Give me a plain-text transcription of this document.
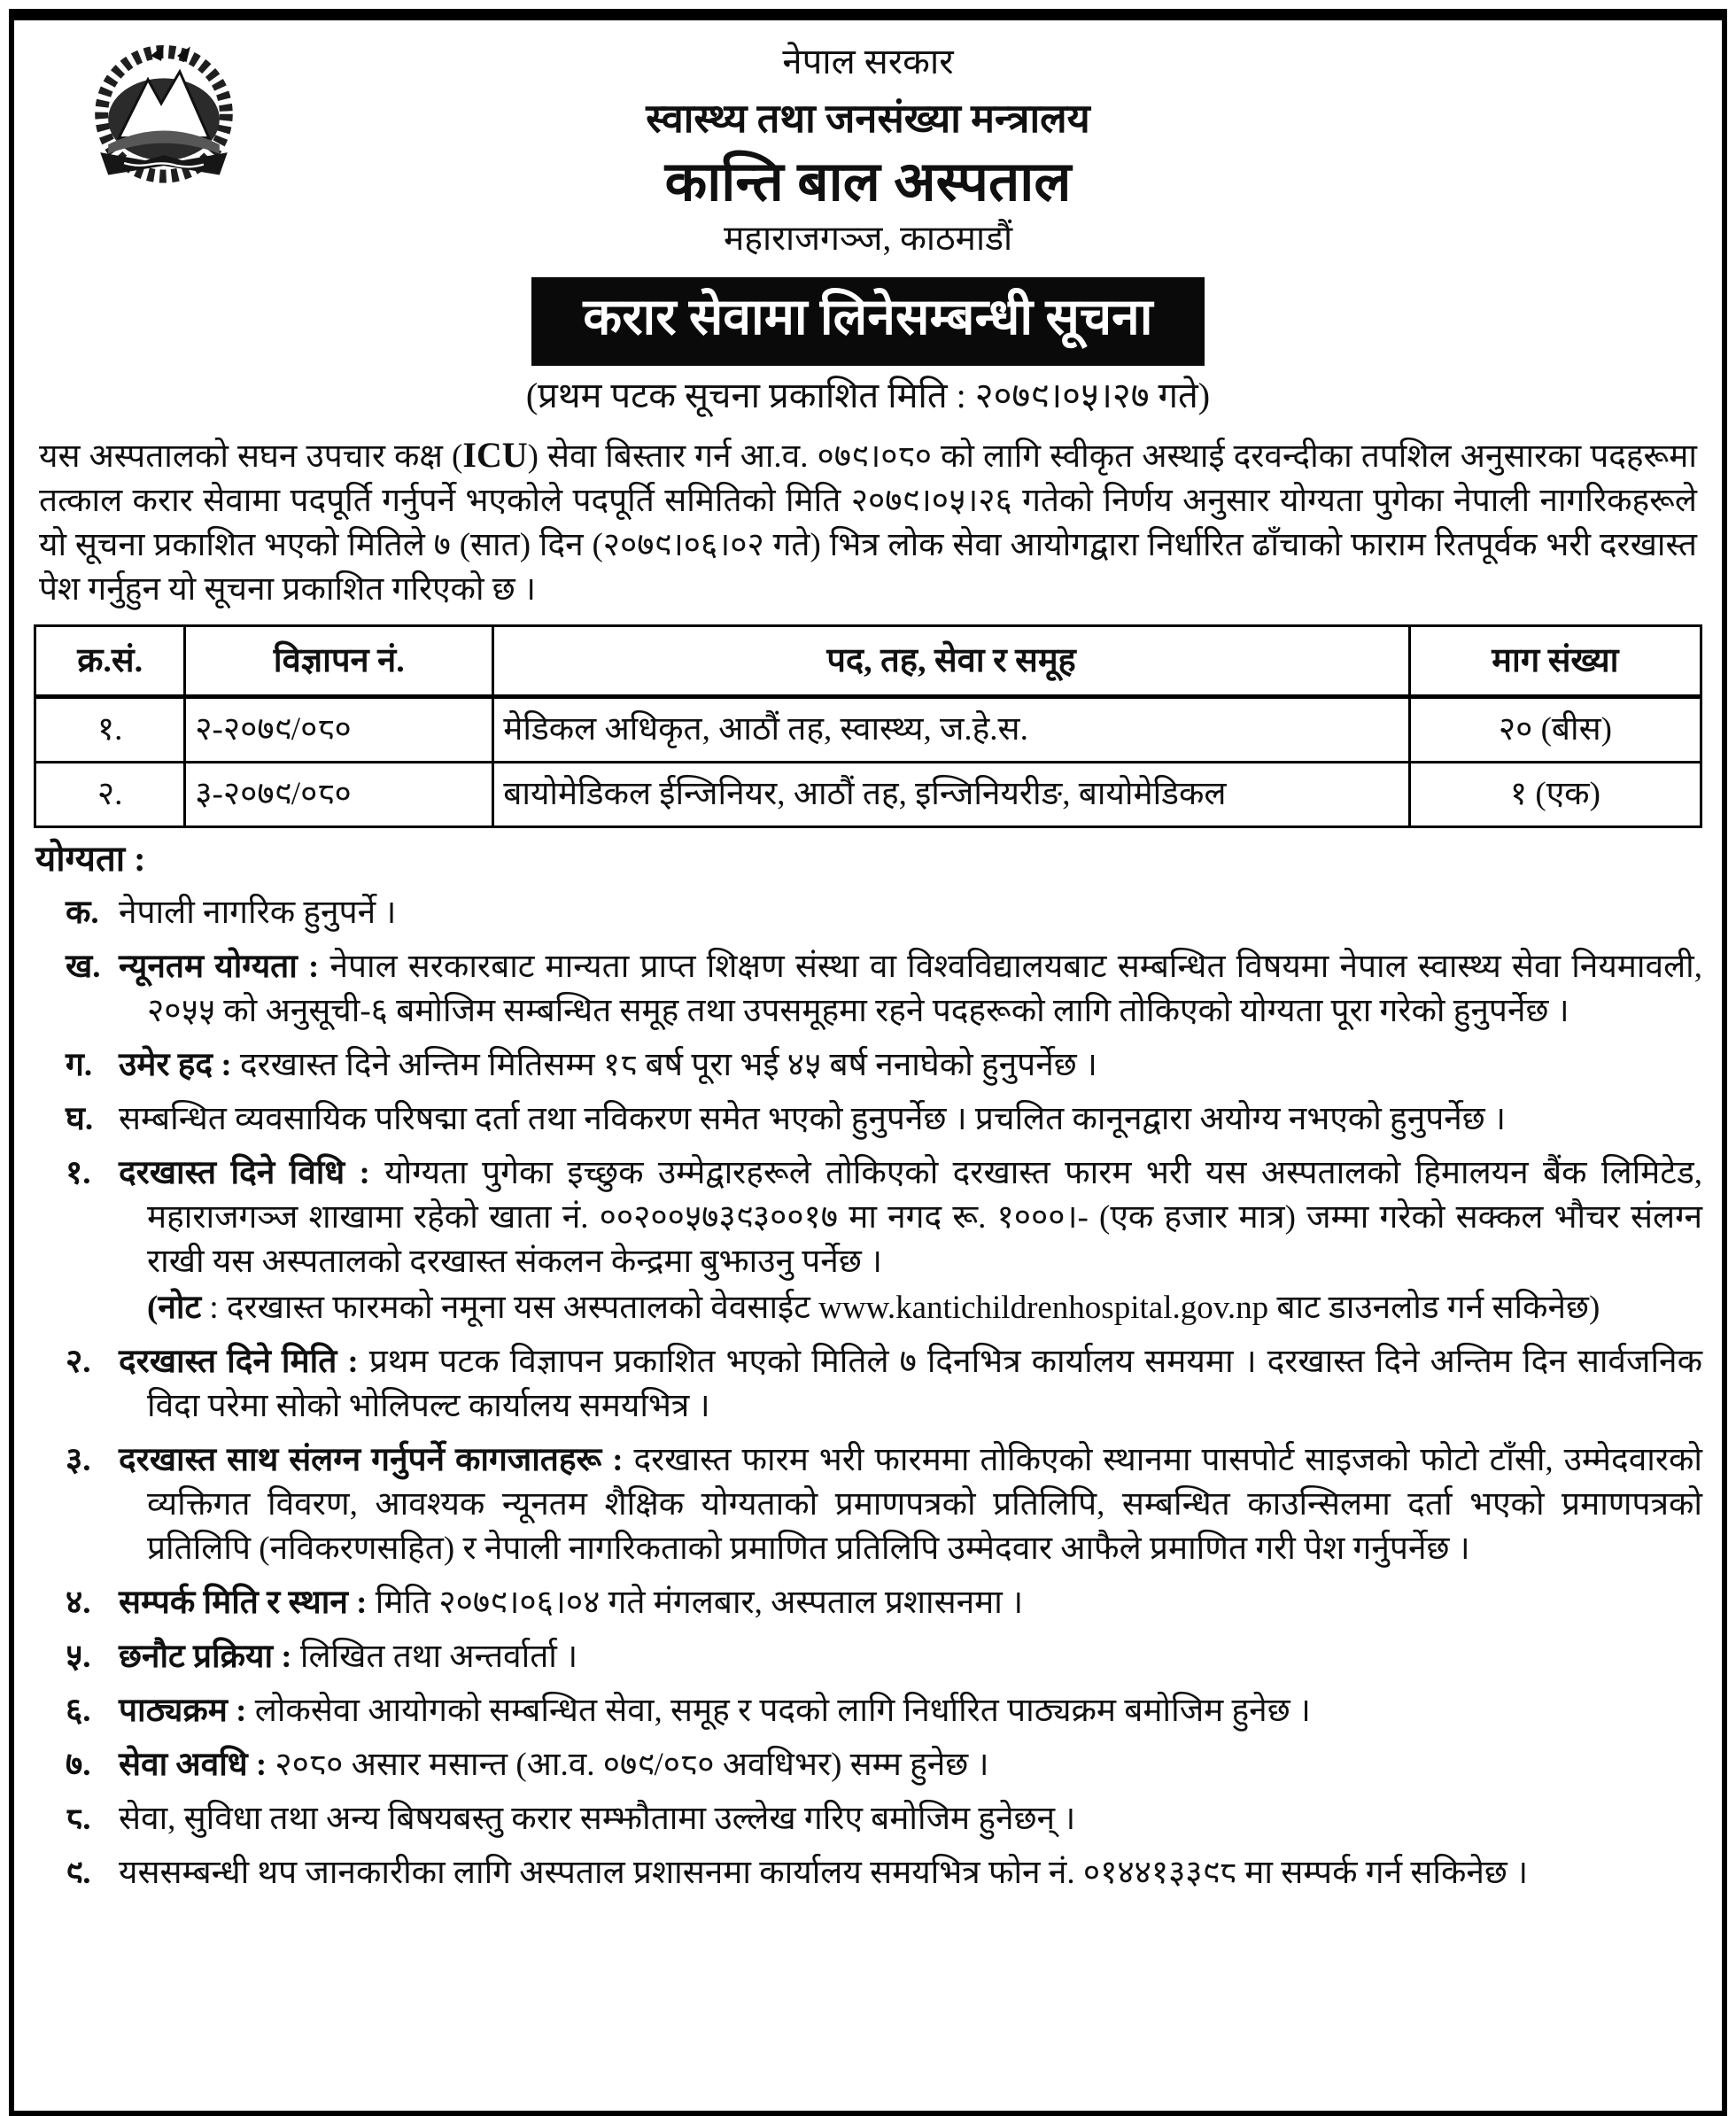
नेपाल सरकार
स्वास्थ्य तथा जनसंख्या मन्त्रालय
कान्ति बाल अस्पताल
महाराजगञ्ज, काठमाडौं
करार सेवामा लिनेसम्बन्धी सूचना
(प्रथम पटक सूचना प्रकाशित मिति : २०७९।०५।२७ गते)
यस अस्पतालको सघन उपचार कक्ष (ICU) सेवा बिस्तार गर्न आ.व. ०७९।०८० को लागि स्वीकृत अस्थाई दरवन्दीका तपशिल अनुसारका पदहरूमा तत्काल करार सेवामा पदपूर्ति गर्नुपर्ने भएकोले पदपूर्ति समितिको मिति २०७९।०५।२६ गतेको निर्णय अनुसार योग्यता पुगेका नेपाली नागरिकहरूले यो सूचना प्रकाशित भएको मितिले ७ (सात) दिन (२०७९।०६।०२ गते) भित्र लोक सेवा आयोगद्वारा निर्धारित ढाँचाको फाराम रितपूर्वक भरी दरखास्त पेश गर्नुहुन यो सूचना प्रकाशित गरिएको छ ।
क्र.सं.	विज्ञापन नं.	पद, तह, सेवा र समूह	माग संख्या
१.	२-२०७९/०८०	मेडिकल अधिकृत, आठौं तह, स्वास्थ्य, ज.हे.स.	२० (बीस)
२.	३-२०७९/०८०	बायोमेडिकल ईन्जिनियर, आठौं तह, इन्जिनियरीङ, बायोमेडिकल	१ (एक)
योग्यता :
क. नेपाली नागरिक हुनुपर्ने ।
ख. न्यूनतम योग्यता : नेपाल सरकारबाट मान्यता प्राप्त शिक्षण संस्था वा विश्वविद्यालयबाट सम्बन्धित विषयमा नेपाल स्वास्थ्य सेवा नियमावली, २०५५ को अनुसूची-६ बमोजिम सम्बन्धित समूह तथा उपसमूहमा रहने पदहरूको लागि तोकिएको योग्यता पूरा गरेको हुनुपर्नेछ ।
ग. उमेर हद : दरखास्त दिने अन्तिम मितिसम्म १८ बर्ष पूरा भई ४५ बर्ष ननाघेको हुनुपर्नेछ ।
घ. सम्बन्धित व्यवसायिक परिषद्मा दर्ता तथा नविकरण समेत भएको हुनुपर्नेछ । प्रचलित कानूनद्वारा अयोग्य नभएको हुनुपर्नेछ ।
१. दरखास्त दिने विधि : योग्यता पुगेका इच्छुक उम्मेद्वारहरूले तोकिएको दरखास्त फारम भरी यस अस्पतालको हिमालयन बैंक लिमिटेड, महाराजगञ्ज शाखामा रहेको खाता नं. ००२००५७३९३००१७ मा नगद रू. १०००।- (एक हजार मात्र) जम्मा गरेको सक्कल भौचर संलग्न राखी यस अस्पतालको दरखास्त संकलन केन्द्रमा बुझाउनु पर्नेछ ।
(नोट : दरखास्त फारमको नमूना यस अस्पतालको वेवसाईट www.kantichildrenhospital.gov.np बाट डाउनलोड गर्न सकिनेछ)
२. दरखास्त दिने मिति : प्रथम पटक विज्ञापन प्रकाशित भएको मितिले ७ दिनभित्र कार्यालय समयमा । दरखास्त दिने अन्तिम दिन सार्वजनिक विदा परेमा सोको भोलिपल्ट कार्यालय समयभित्र ।
३. दरखास्त साथ संलग्न गर्नुपर्ने कागजातहरू : दरखास्त फारम भरी फारममा तोकिएको स्थानमा पासपोर्ट साइजको फोटो टाँसी, उम्मेदवारको व्यक्तिगत विवरण, आवश्यक न्यूनतम शैक्षिक योग्यताको प्रमाणपत्रको प्रतिलिपि, सम्बन्धित काउन्सिलमा दर्ता भएको प्रमाणपत्रको प्रतिलिपि (नविकरणसहित) र नेपाली नागरिकताको प्रमाणित प्रतिलिपि उम्मेदवार आफैले प्रमाणित गरी पेश गर्नुपर्नेछ ।
४. सम्पर्क मिति र स्थान : मिति २०७९।०६।०४ गते मंगलबार, अस्पताल प्रशासनमा ।
५. छनौट प्रक्रिया : लिखित तथा अन्तर्वार्ता ।
६. पाठ्यक्रम : लोकसेवा आयोगको सम्बन्धित सेवा, समूह र पदको लागि निर्धारित पाठ्यक्रम बमोजिम हुनेछ ।
७. सेवा अवधि : २०८० असार मसान्त (आ.व. ०७९/०८० अवधिभर) सम्म हुनेछ ।
८. सेवा, सुविधा तथा अन्य बिषयबस्तु करार सम्झौतामा उल्लेख गरिए बमोजिम हुनेछन् ।
९. यससम्बन्धी थप जानकारीका लागि अस्पताल प्रशासनमा कार्यालय समयभित्र फोन नं. ०१४४१३३९८ मा सम्पर्क गर्न सकिनेछ ।
